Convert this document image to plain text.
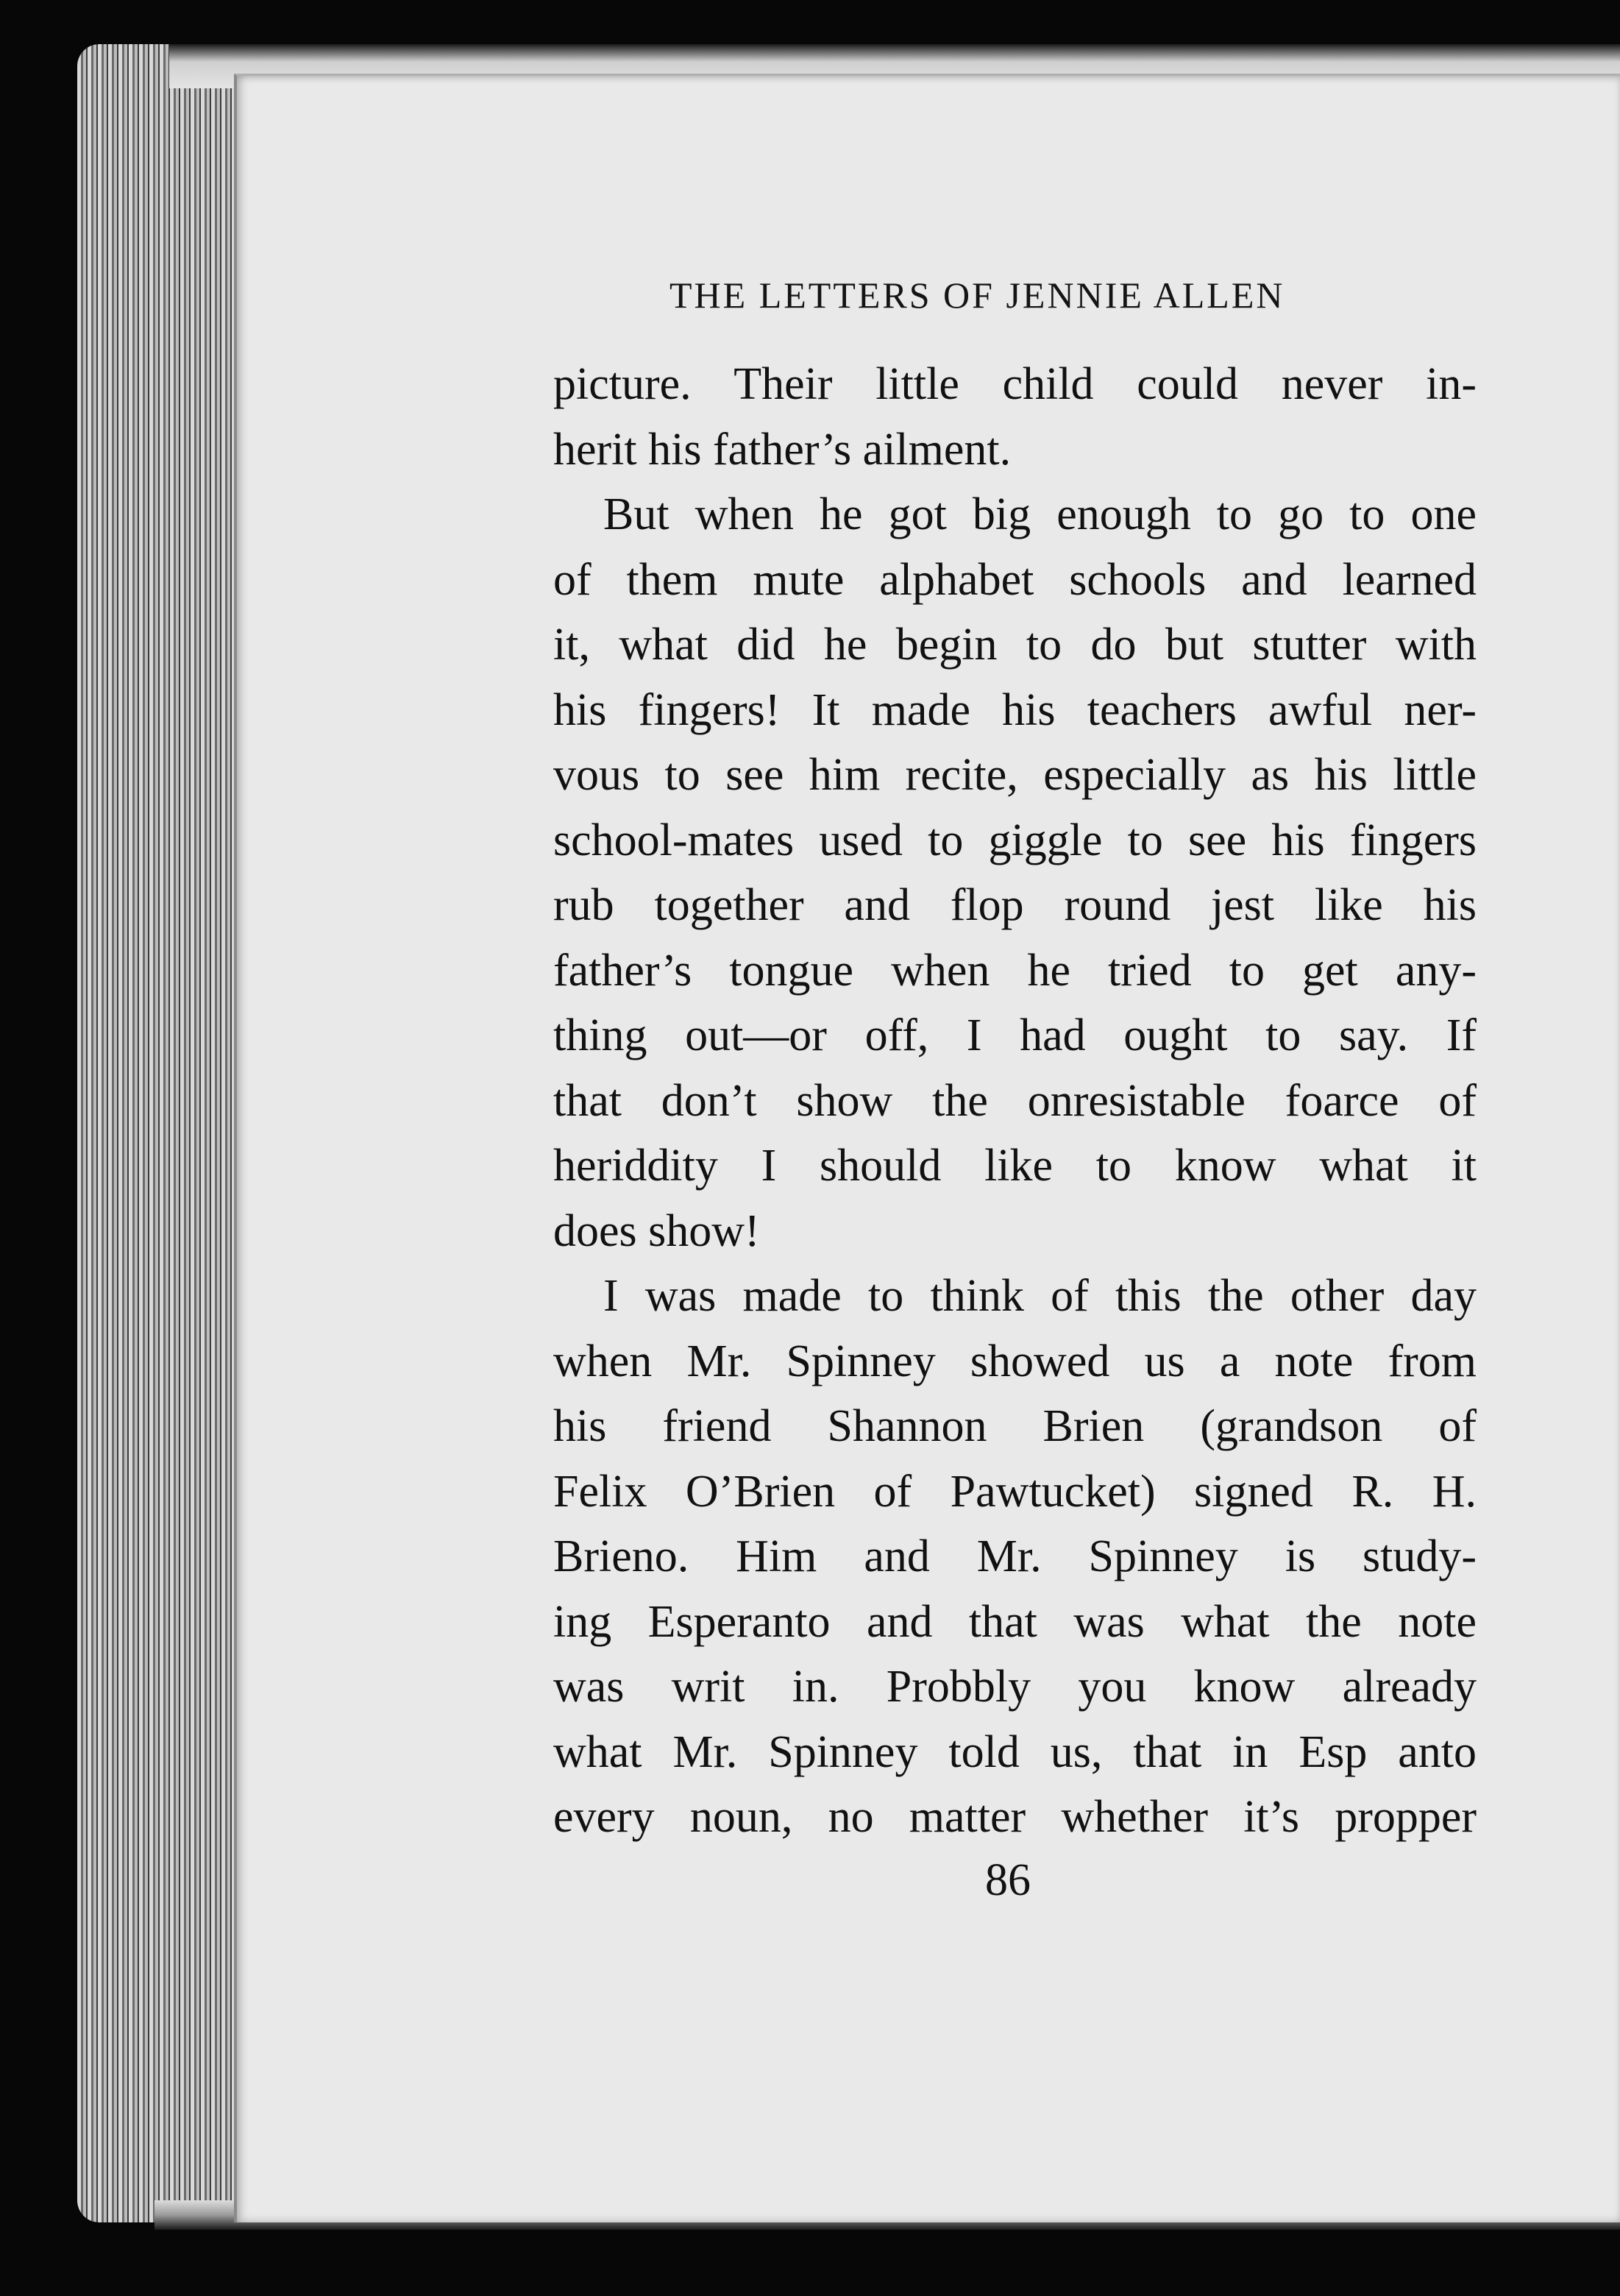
THE LETTERS OF JENNIE ALLEN
picture. Their little child could never in-
herit his father’s ailment.
But when he got big enough to go to one
of them mute alphabet schools and learned
it, what did he begin to do but stutter with
his fingers! It made his teachers awful ner-
vous to see him recite, especially as his little
school-mates used to giggle to see his fingers
rub together and flop round jest like his
father’s tongue when he tried to get any-
thing out—or off, I had ought to say. If
that don’t show the onresistable foarce of
heriddity I should like to know what it
does show!
I was made to think of this the other day
when Mr. Spinney showed us a note from
his friend Shannon Brien (grandson of
Felix O’Brien of Pawtucket) signed R. H.
Brieno. Him and Mr. Spinney is study-
ing Esperanto and that was what the note
was writ in. Probbly you know already
what Mr. Spinney told us, that in Esp anto
every noun, no matter whether it’s propper
86
